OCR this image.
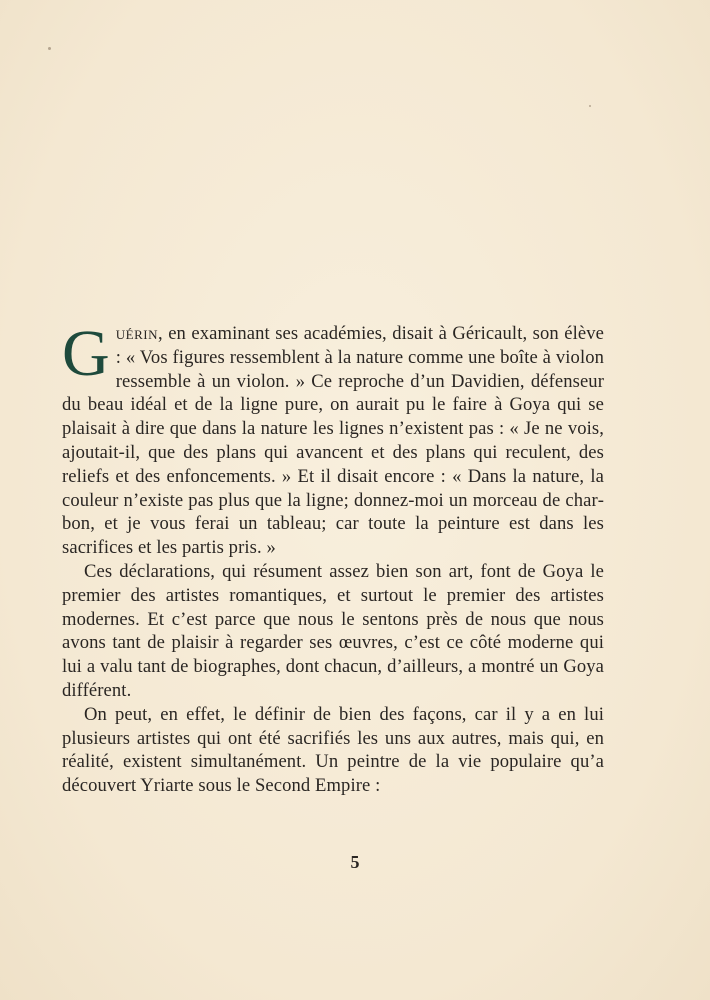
Guérin, en examinant ses académies, disait à Géricault, son élève : « Vos figures ressemblent à la nature comme une boîte à violon ressemble à un violon. » Ce reproche d’un Davidien, défenseur du beau idéal et de la ligne pure, on aurait pu le faire à Goya qui se plaisait à dire que dans la nature les lignes n’existent pas : « Je ne vois, ajoutait-il, que des plans qui avancent et des plans qui reculent, des reliefs et des enfoncements. » Et il disait encore : « Dans la nature, la couleur n’existe pas plus que la ligne; donnez-moi un morceau de charbon, et je vous ferai un tableau; car toute la peinture est dans les sacrifices et les partis pris. »

Ces déclarations, qui résument assez bien son art, font de Goya le premier des artistes romantiques, et surtout le premier des artistes modernes. Et c’est parce que nous le sentons près de nous que nous avons tant de plaisir à regarder ses œuvres, c’est ce côté moderne qui lui a valu tant de biographes, dont chacun, d’ailleurs, a montré un Goya différent.

On peut, en effet, le définir de bien des façons, car il y a en lui plusieurs artistes qui ont été sacrifiés les uns aux autres, mais qui, en réalité, existent simultanément. Un peintre de la vie populaire qu’a découvert Yriarte sous le Second Empire :

5
